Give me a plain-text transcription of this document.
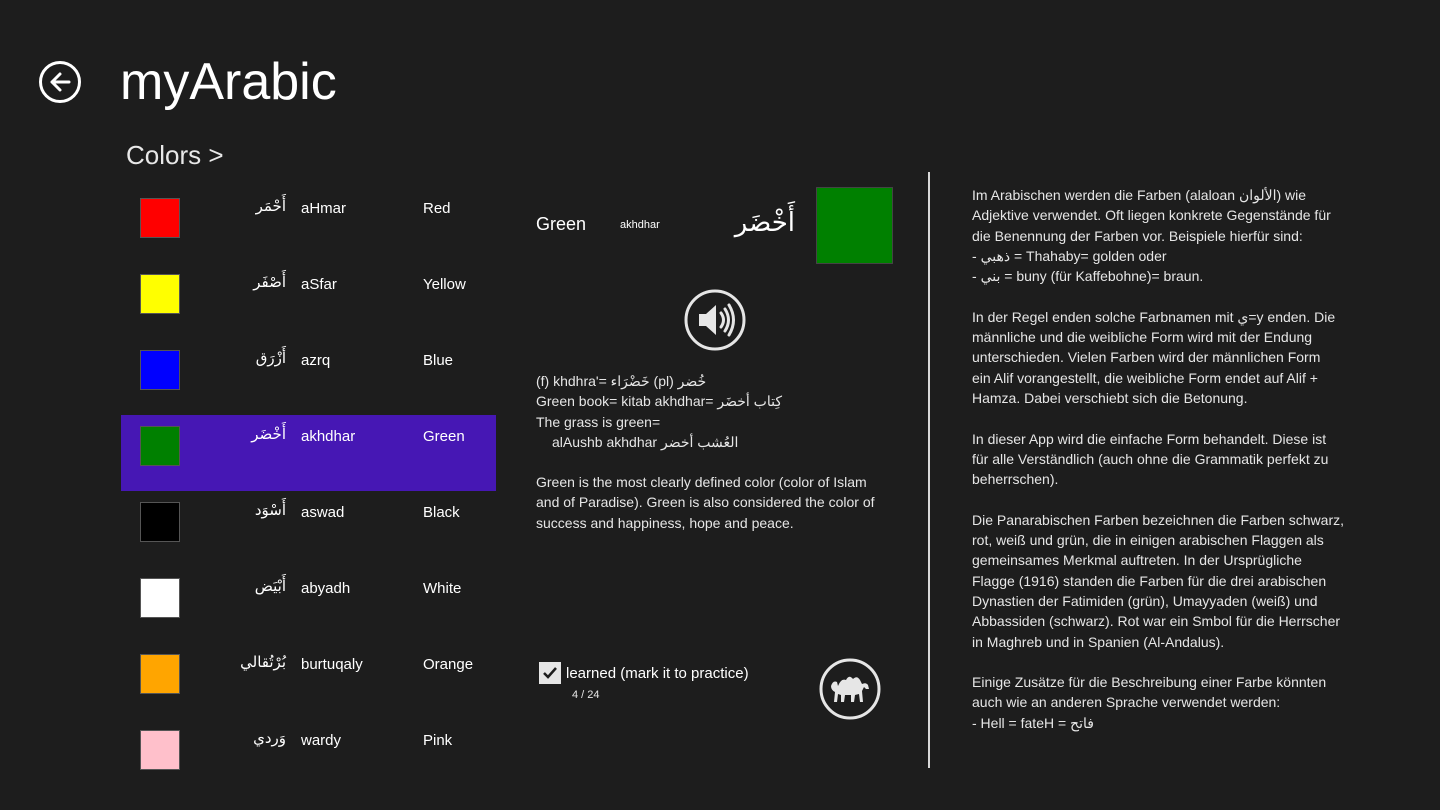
myArabic
Colors >
أَحْمَر aHmar	Red
أَصْفَر aSfar	Yellow
أَزْرَق azrq	Blue
أَخْضَر akhdhar	Green
أَسْوَد aswad	Black
أَبْيَض abyadh	White
بُرْتُقالي burtuqaly	Orange
وَردي wardy	Pink
Green	akhdhar	أَخْضَر
(f) khdhra'= خَضْرَاء (pl) خُضر
Green book= kitab akhdhar= كِتاب أخضَر
The grass is green=
alAushb akhdhar العُشب أخضر
Green is the most clearly defined color (color of Islam
and of Paradise). Green is also considered the color of
success and happiness, hope and peace.
learned (mark it to practice)
4 / 24

Im Arabischen werden die Farben (alaloan الألوان) wie
Adjektive verwendet. Oft liegen konkrete Gegenstände für
die Benennung der Farben vor. Beispiele hierfür sind:
- ذهبي = Thahaby= golden oder
- بني = buny (für Kaffebohne)= braun.

In der Regel enden solche Farbnamen mit ي=y enden. Die
männliche und die weibliche Form wird mit der Endung
unterschieden. Vielen Farben wird der männlichen Form
ein Alif vorangestellt, die weibliche Form endet auf Alif +
Hamza. Dabei verschiebt sich die Betonung.

In dieser App wird die einfache Form behandelt. Diese ist
für alle Verständlich (auch ohne die Grammatik perfekt zu
beherrschen).

Die Panarabischen Farben bezeichnen die Farben schwarz,
rot, weiß und grün, die in einigen arabischen Flaggen als
gemeinsames Merkmal auftreten. In der Ursprügliche
Flagge (1916) standen die Farben für die drei arabischen
Dynastien der Fatimiden (grün), Umayyaden (weiß) und
Abbassiden (schwarz). Rot war ein Smbol für die Herrscher
in Maghreb und in Spanien (Al-Andalus).

Einige Zusätze für die Beschreibung einer Farbe könnten
auch wie an anderen Sprache verwendet werden:
- Hell = fateH = فاتح
